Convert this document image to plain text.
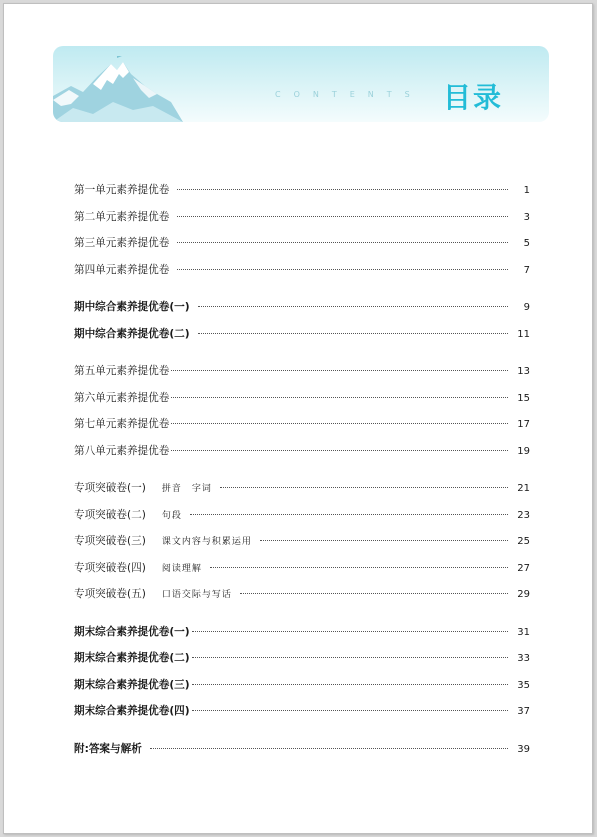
CONTENTS 目录
第一单元素养提优卷	1
第二单元素养提优卷	3
第三单元素养提优卷	5
第四单元素养提优卷	7
期中综合素养提优卷(一)	9
期中综合素养提优卷(二)	11
第五单元素养提优卷	13
第六单元素养提优卷	15
第七单元素养提优卷	17
第八单元素养提优卷	19
专项突破卷(一) 拼音　字词	21
专项突破卷(二) 句段	23
专项突破卷(三) 课文内容与积累运用	25
专项突破卷(四) 阅读理解	27
专项突破卷(五) 口语交际与写话	29
期末综合素养提优卷(一)	31
期末综合素养提优卷(二)	33
期末综合素养提优卷(三)	35
期末综合素养提优卷(四)	37
附:答案与解析	39
